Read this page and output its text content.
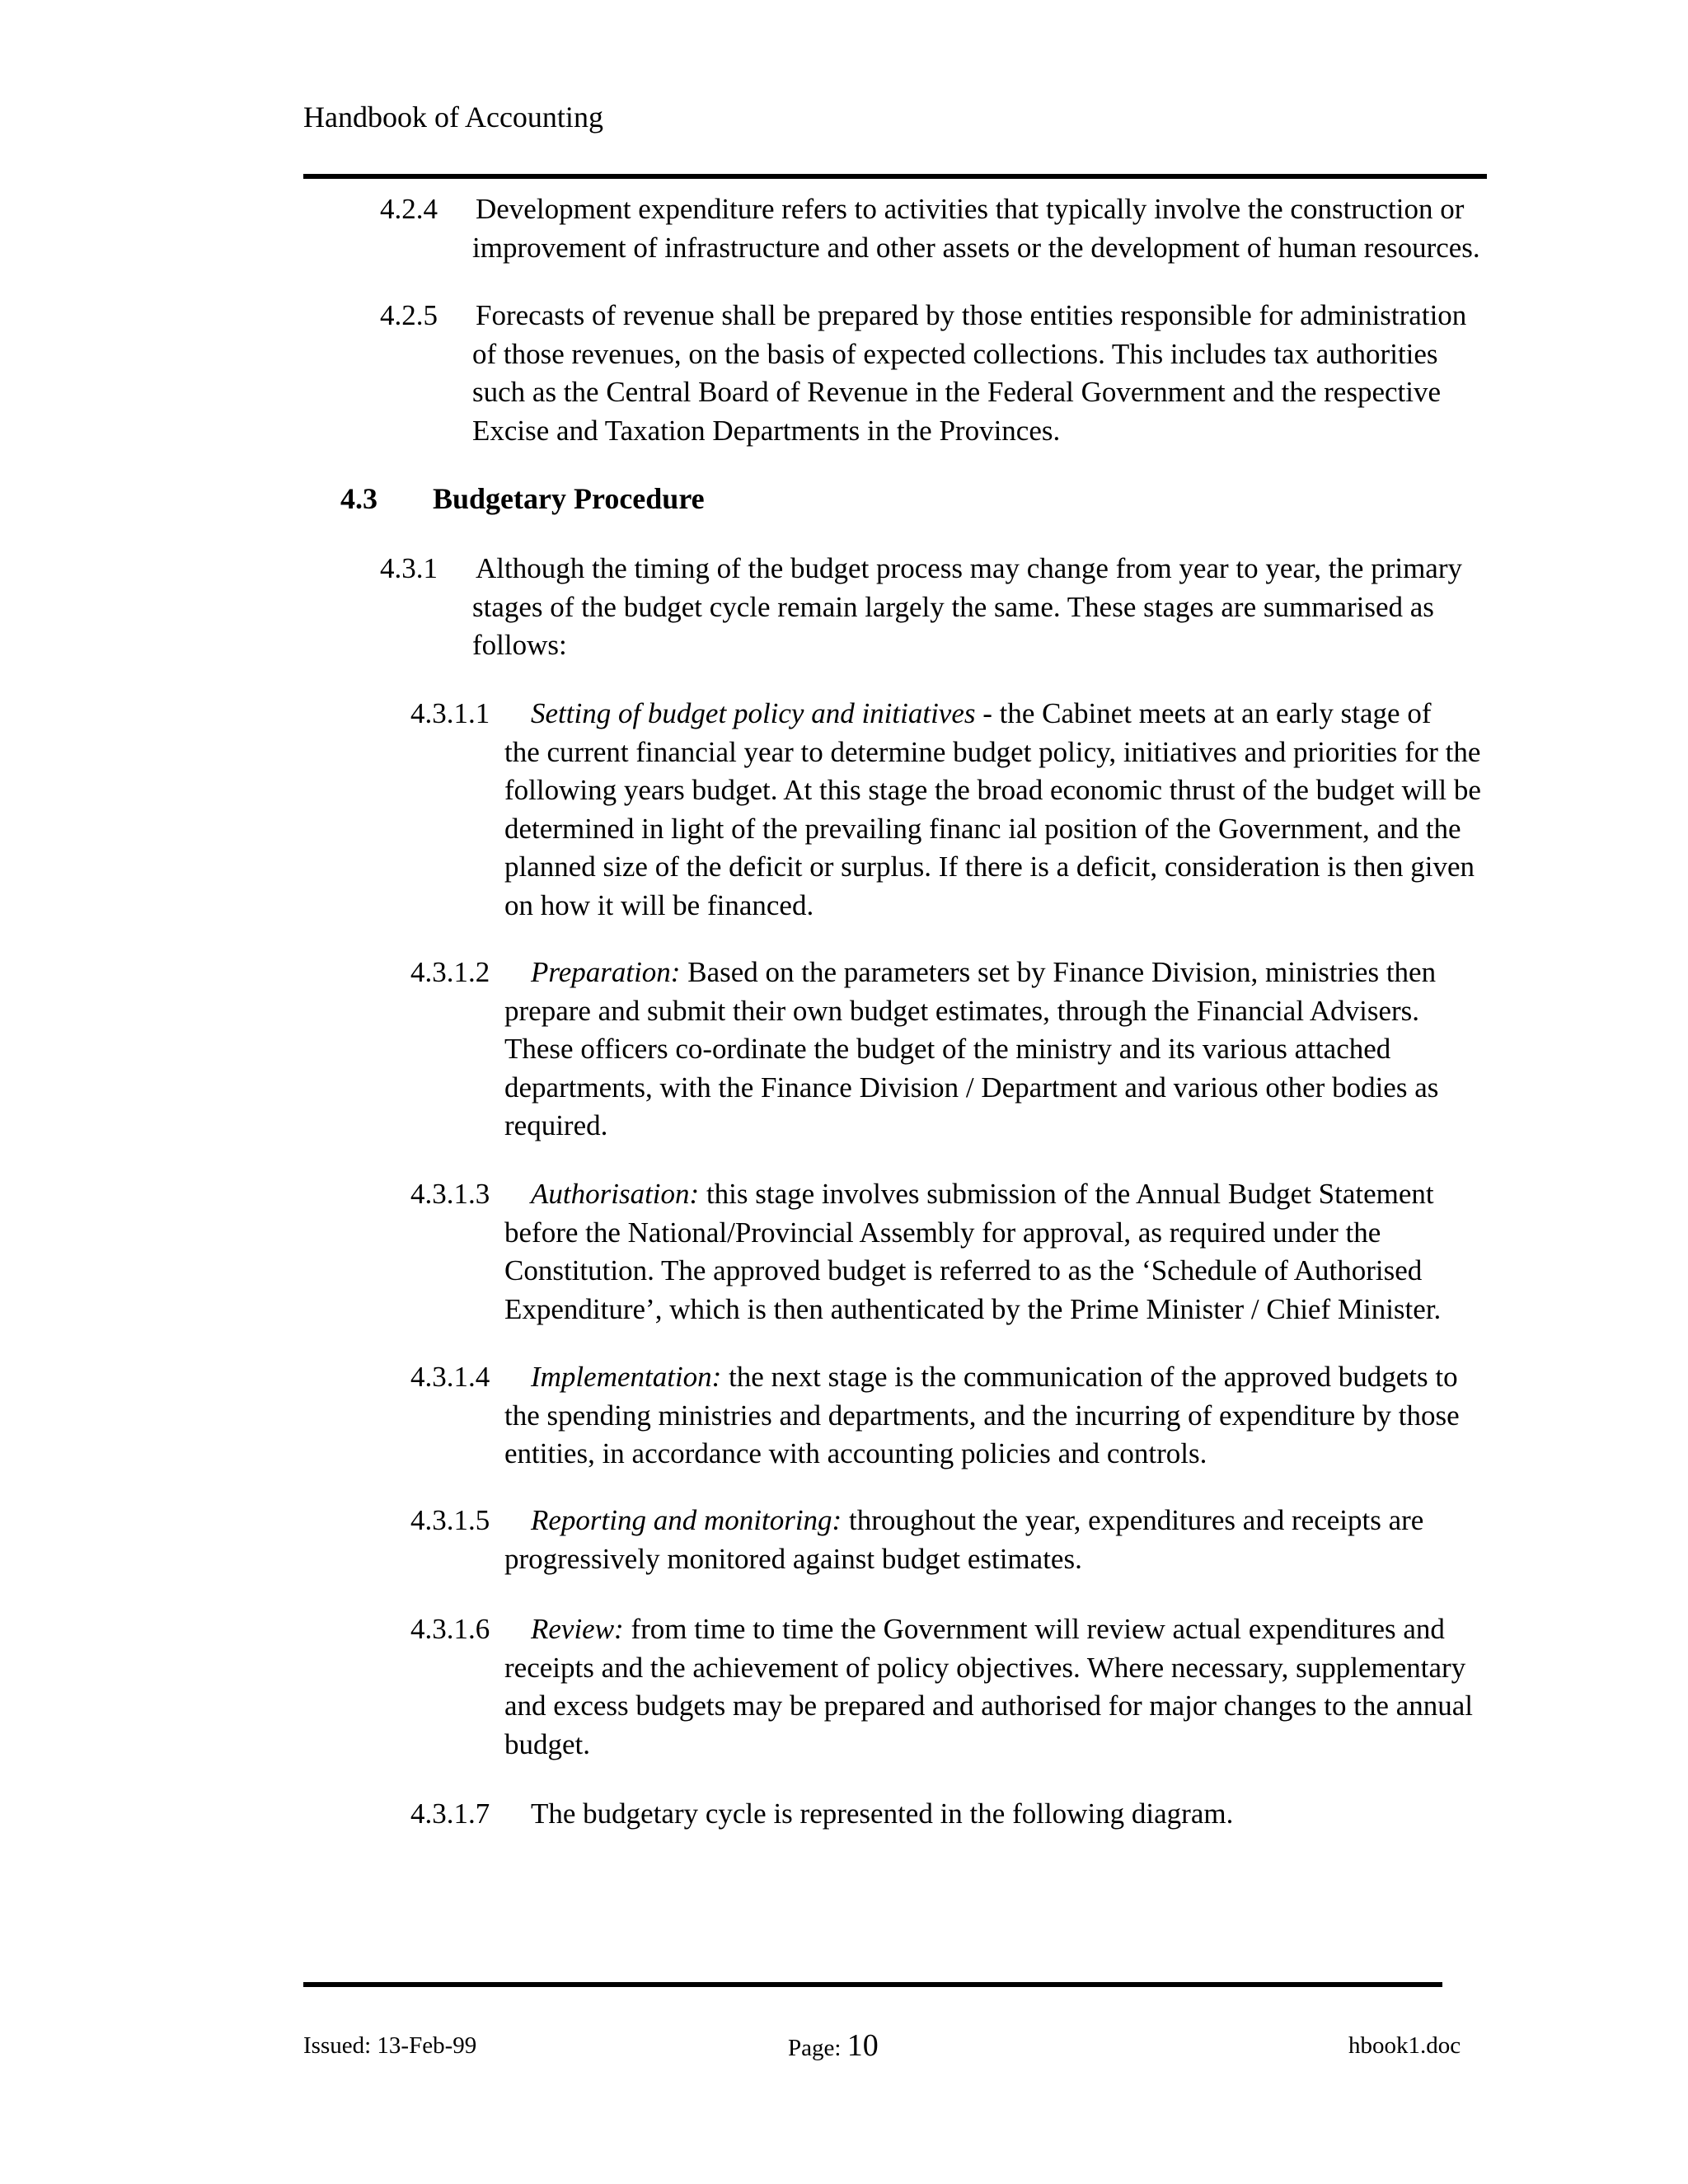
Handbook of Accounting
4.2.4 Development expenditure refers to activities that typically involve the construction or
improvement of infrastructure and other assets or the development of human resources.
4.2.5 Forecasts of revenue shall be prepared by those entities responsible for administration
of those revenues, on the basis of expected collections. This includes tax authorities
such as the Central Board of Revenue in the Federal Government and the respective
Excise and Taxation Departments in the Provinces.
4.3 Budgetary Procedure
4.3.1 Although the timing of the budget process may change from year to year, the primary
stages of the budget cycle remain largely the same. These stages are summarised as
follows:
4.3.1.1 Setting of budget policy and initiatives - the Cabinet meets at an early stage of
the current financial year to determine budget policy, initiatives and priorities for the
following years budget. At this stage the broad economic thrust of the budget will be
determined in light of the prevailing financ ial position of the Government, and the
planned size of the deficit or surplus. If there is a deficit, consideration is then given
on how it will be financed.
4.3.1.2 Preparation: Based on the parameters set by Finance Division, ministries then
prepare and submit their own budget estimates, through the Financial Advisers.
These officers co-ordinate the budget of the ministry and its various attached
departments, with the Finance Division / Department and various other bodies as
required.
4.3.1.3 Authorisation: this stage involves submission of the Annual Budget Statement
before the National/Provincial Assembly for approval, as required under the
Constitution. The approved budget is referred to as the ‘Schedule of Authorised
Expenditure’, which is then authenticated by the Prime Minister / Chief Minister.
4.3.1.4 Implementation: the next stage is the communication of the approved budgets to
the spending ministries and departments, and the incurring of expenditure by those
entities, in accordance with accounting policies and controls.
4.3.1.5 Reporting and monitoring: throughout the year, expenditures and receipts are
progressively monitored against budget estimates.
4.3.1.6 Review: from time to time the Government will review actual expenditures and
receipts and the achievement of policy objectives. Where necessary, supplementary
and excess budgets may be prepared and authorised for major changes to the annual
budget.
4.3.1.7 The budgetary cycle is represented in the following diagram.
Issued: 13-Feb-99	Page: 10	hbook1.doc
